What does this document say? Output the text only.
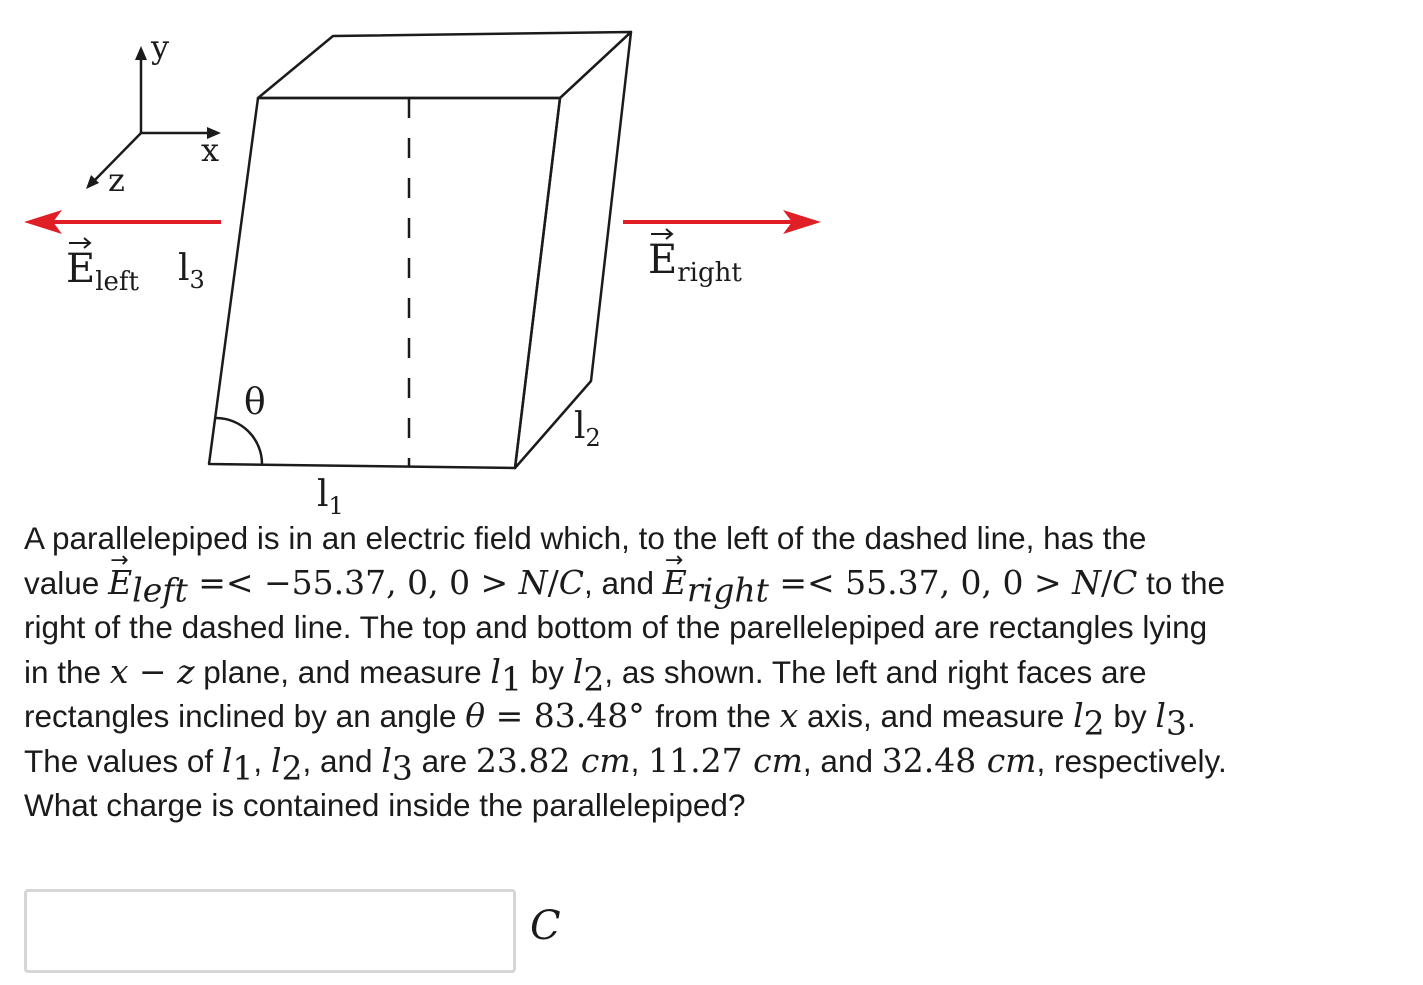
y
x
z
θ
$l_1$
$l_2$
$l_3$
$E_{left}$	$E_{right}$
A parallelepiped is in an electric field which, to the left of the dashed line, has the
value → $E_{left} =< -55.37$, 0, 0 > N/C, and → $E_{right} =< 55.37$, 0, 0 > N/C to the
right of the dashed line. The top and bottom of the parellelepiped are rectangles lying
in the x − z plane, and measure $l_1$ by $l_2$, as shown. The left and right faces are
rectangles inclined by an angle θ = 83.48° from the x axis, and measure $l_2$ by $l_3$.
The values of $l_1$, $l_2$, and $l_3$ are 23.82 cm, 11.27 cm, and 32.48 cm, respectively.
What charge is contained inside the parallelepiped?
C
